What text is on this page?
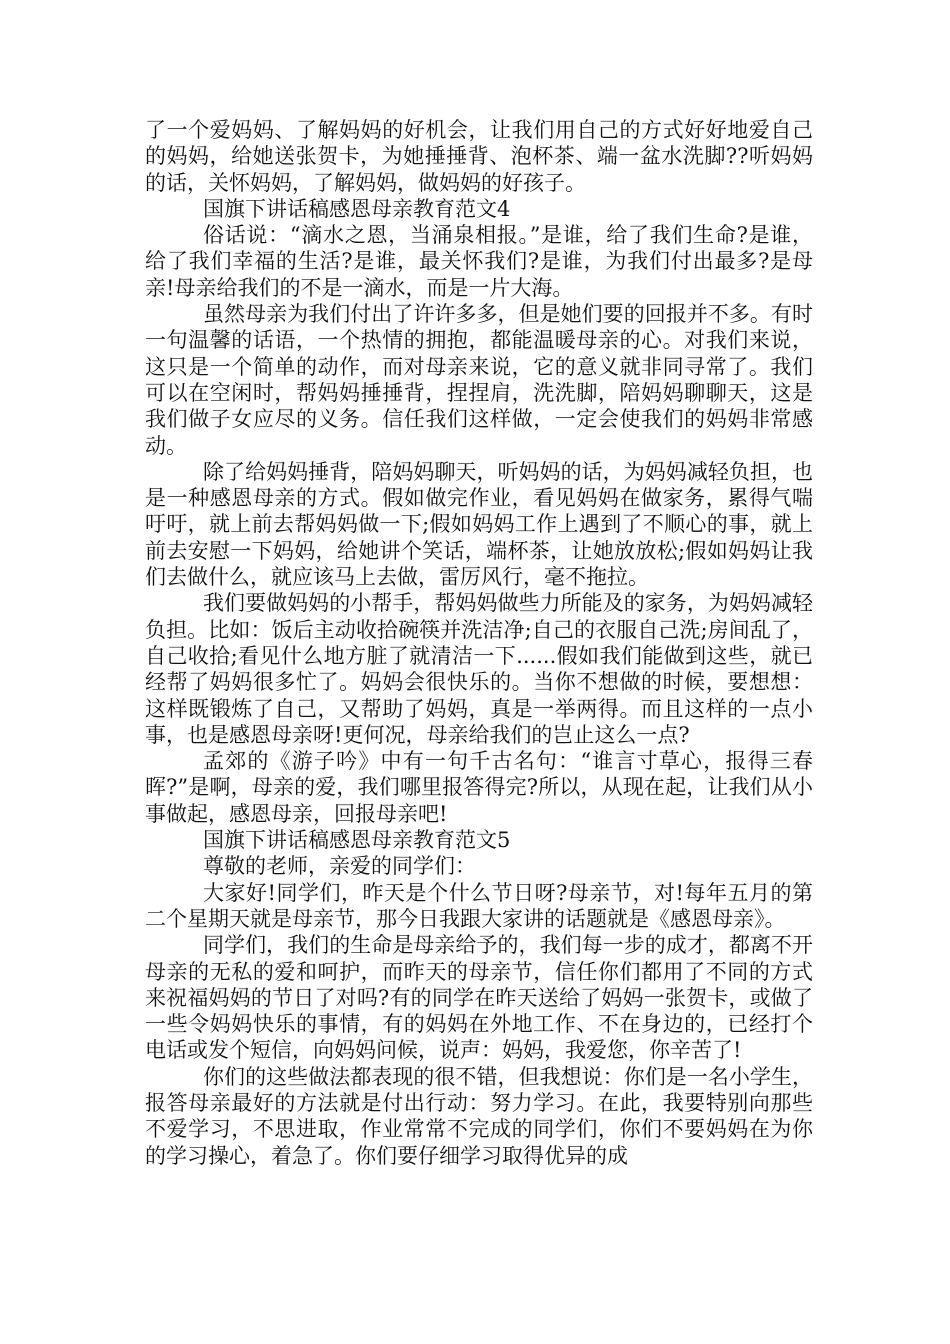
了一个爱妈妈、了解妈妈的好机会，让我们用自己的方式好好地爱自己的妈妈，给她送张贺卡，为她捶捶背、泡杯茶、端一盆水洗脚??听妈妈的话，关怀妈妈，了解妈妈，做妈妈的好孩子。

国旗下讲话稿感恩母亲教育范文4

俗话说：“滴水之恩，当涌泉相报。”是谁，给了我们生命?是谁，给了我们幸福的生活?是谁，最关怀我们?是谁，为我们付出最多?是母亲!母亲给我们的不是一滴水，而是一片大海。

虽然母亲为我们付出了许许多多，但是她们要的回报并不多。有时一句温馨的话语，一个热情的拥抱，都能温暖母亲的心。对我们来说，这只是一个简单的动作，而对母亲来说，它的意义就非同寻常了。我们可以在空闲时，帮妈妈捶捶背，捏捏肩，洗洗脚，陪妈妈聊聊天，这是我们做子女应尽的义务。信任我们这样做，一定会使我们的妈妈非常感动。

除了给妈妈捶背，陪妈妈聊天，听妈妈的话，为妈妈减轻负担，也是一种感恩母亲的方式。假如做完作业，看见妈妈在做家务，累得气喘吁吁，就上前去帮妈妈做一下;假如妈妈工作上遇到了不顺心的事，就上前去安慰一下妈妈，给她讲个笑话，端杯茶，让她放放松;假如妈妈让我们去做什么，就应该马上去做，雷厉风行，毫不拖拉。

我们要做妈妈的小帮手，帮妈妈做些力所能及的家务，为妈妈减轻负担。比如：饭后主动收拾碗筷并洗洁净;自己的衣服自己洗;房间乱了，自己收拾;看见什么地方脏了就清洁一下......假如我们能做到这些，就已经帮了妈妈很多忙了。妈妈会很快乐的。当你不想做的时候，要想想：这样既锻炼了自己，又帮助了妈妈，真是一举两得。而且这样的一点小事，也是感恩母亲呀!更何况，母亲给我们的岂止这么一点?

孟郊的《游子吟》中有一句千古名句：“谁言寸草心，报得三春晖?”是啊，母亲的爱，我们哪里报答得完?所以，从现在起，让我们从小事做起，感恩母亲，回报母亲吧!

国旗下讲话稿感恩母亲教育范文5

尊敬的老师，亲爱的同学们：

大家好!同学们，昨天是个什么节日呀?母亲节，对!每年五月的第二个星期天就是母亲节，那今日我跟大家讲的话题就是《感恩母亲》。

同学们，我们的生命是母亲给予的，我们每一步的成才，都离不开母亲的无私的爱和呵护，而昨天的母亲节，信任你们都用了不同的方式来祝福妈妈的节日了对吗?有的同学在昨天送给了妈妈一张贺卡，或做了一些令妈妈快乐的事情，有的妈妈在外地工作、不在身边的，已经打个电话或发个短信，向妈妈问候，说声：妈妈，我爱您，你辛苦了!

你们的这些做法都表现的很不错，但我想说：你们是一名小学生，报答母亲最好的方法就是付出行动：努力学习。在此，我要特别向那些不爱学习，不思进取，作业常常不完成的同学们，你们不要妈妈在为你的学习操心，着急了。你们要仔细学习取得优异的成
